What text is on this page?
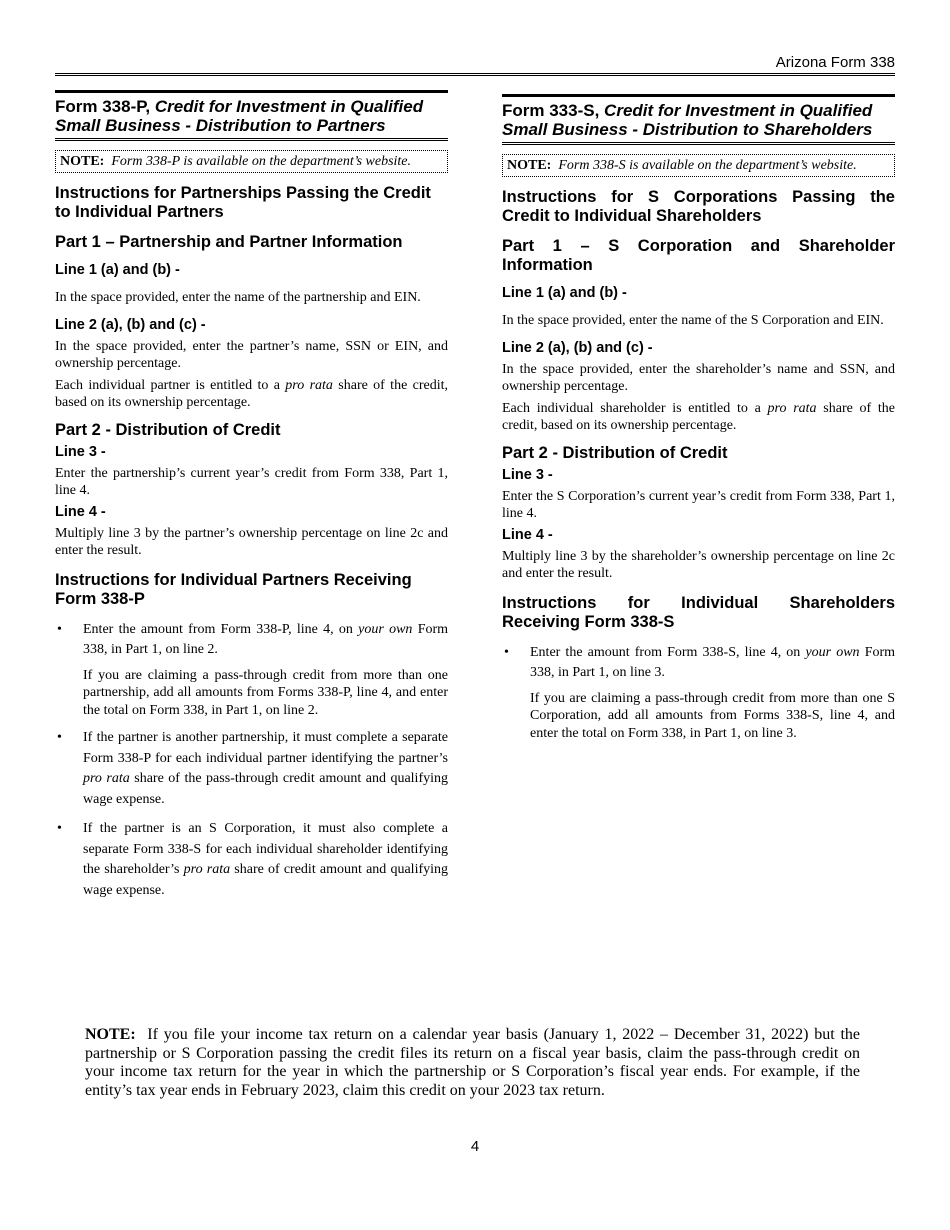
Arizona Form 338
Form 338-P, Credit for Investment in Qualified Small Business - Distribution to Partners
NOTE: Form 338-P is available on the department’s website.
Instructions for Partnerships Passing the Credit to Individual Partners
Part 1 – Partnership and Partner Information
Line 1 (a) and (b) -

In the space provided, enter the name of the partnership and EIN.

Line 2 (a), (b) and (c) -

In the space provided, enter the partner’s name, SSN or EIN, and ownership percentage.

Each individual partner is entitled to a pro rata share of the credit, based on its ownership percentage.

Part 2 - Distribution of Credit
Line 3 -

Enter the partnership’s current year’s credit from Form 338, Part 1, line 4.

Line 4 -

Multiply line 3 by the partner’s ownership percentage on line 2c and enter the result.

Instructions for Individual Partners Receiving Form 338-P
• Enter the amount from Form 338-P, line 4, on your own Form 338, in Part 1, on line 2.

If you are claiming a pass-through credit from more than one partnership, add all amounts from Forms 338-P, line 4, and enter the total on Form 338, in Part 1, on line 2.

• If the partner is another partnership, it must complete a separate Form 338-P for each individual partner identifying the partner’s pro rata share of the pass-through credit amount and qualifying wage expense.
• If the partner is an S Corporation, it must also complete a separate Form 338-S for each individual shareholder identifying the shareholder’s pro rata share of credit amount and qualifying wage expense.
Form 333-S, Credit for Investment in Qualified Small Business - Distribution to Shareholders
NOTE: Form 338-S is available on the department’s website.
Instructions for S Corporations Passing the Credit to Individual Shareholders
Part 1 – S Corporation and Shareholder Information
Line 1 (a) and (b) -

In the space provided, enter the name of the S Corporation and EIN.

Line 2 (a), (b) and (c) -

In the space provided, enter the shareholder’s name and SSN, and ownership percentage.

Each individual shareholder is entitled to a pro rata share of the credit, based on its ownership percentage.

Part 2 - Distribution of Credit
Line 3 -

Enter the S Corporation’s current year’s credit from Form 338, Part 1, line 4.

Line 4 -

Multiply line 3 by the shareholder’s ownership percentage on line 2c and enter the result.

Instructions for Individual Shareholders Receiving Form 338-S
• Enter the amount from Form 338-S, line 4, on your own Form 338, in Part 1, on line 3.

If you are claiming a pass-through credit from more than one S Corporation, add all amounts from Forms 338-S, line 4, and enter the total on Form 338, in Part 1, on line 3.

NOTE: If you file your income tax return on a calendar year basis (January 1, 2022 – December 31, 2022) but the partnership or S Corporation passing the credit files its return on a fiscal year basis, claim the pass-through credit on your income tax return for the year in which the partnership or S Corporation’s fiscal year ends. For example, if the entity’s tax year ends in February 2023, claim this credit on your 2023 tax return.
4
